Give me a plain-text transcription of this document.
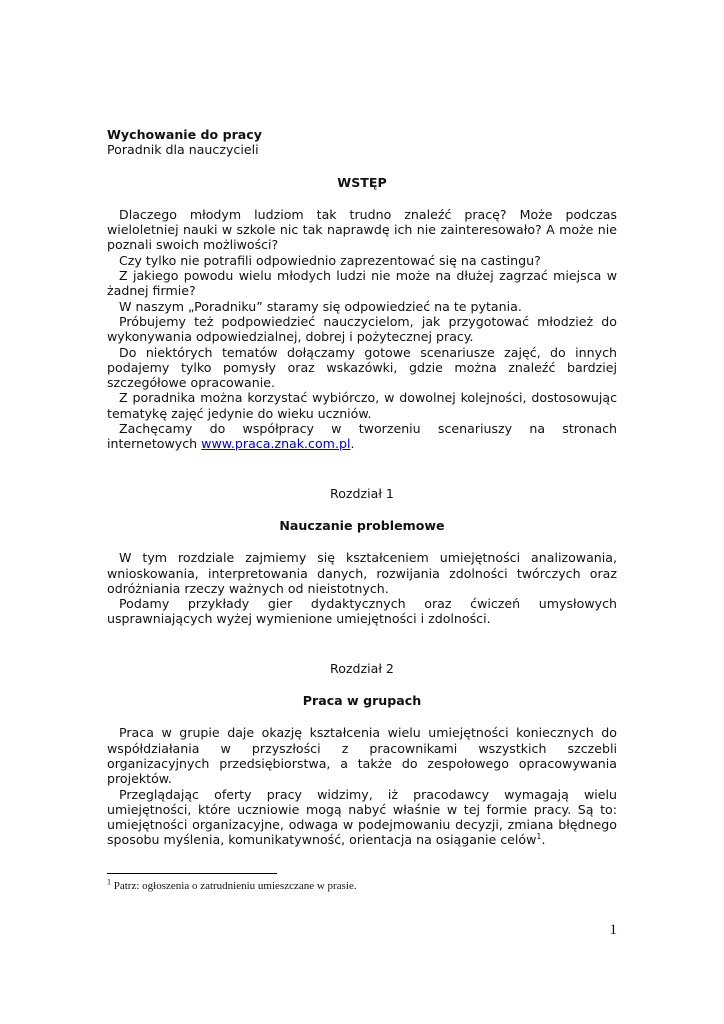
Wychowanie do pracy

Poradnik dla nauczycieli

WSTĘP

Dlaczego młodym ludziom tak trudno znaleźć pracę? Może podczas wieloletniej nauki w szkole nic tak naprawdę ich nie zainteresowało? A może nie poznali swoich możliwości?

Czy tylko nie potrafili odpowiednio zaprezentować się na castingu?

Z jakiego powodu wielu młodych ludzi nie może na dłużej zagrzać miejsca w żadnej firmie?

W naszym „Poradniku” staramy się odpowiedzieć na te pytania.

Próbujemy też podpowiedzieć nauczycielom, jak przygotować młodzież do wykonywania odpowiedzialnej, dobrej i pożytecznej pracy.

Do niektórych tematów dołączamy gotowe scenariusze zajęć, do innych podajemy tylko pomysły oraz wskazówki, gdzie można znaleźć bardziej szczegółowe opracowanie.

Z poradnika można korzystać wybiórczo, w dowolnej kolejności, dostosowując tematykę zajęć jedynie do wieku uczniów.

Zachęcamy do współpracy w tworzeniu scenariuszy na stronach internetowych www.praca.znak.com.pl.

Rozdział 1

Nauczanie problemowe

W tym rozdziale zajmiemy się kształceniem umiejętności analizowania, wnioskowania, interpretowania danych, rozwijania zdolności twórczych oraz odróżniania rzeczy ważnych od nieistotnych.

Podamy przykłady gier dydaktycznych oraz ćwiczeń umysłowych usprawniających wyżej wymienione umiejętności i zdolności.

Rozdział 2

Praca w grupach

Praca w grupie daje okazję kształcenia wielu umiejętności koniecznych do współdziałania w przyszłości z pracownikami wszystkich szczebli organizacyjnych przedsiębiorstwa, a także do zespołowego opracowywania projektów.

Przeglądając oferty pracy widzimy, iż pracodawcy wymagają wielu umiejętności, które uczniowie mogą nabyć właśnie w tej formie pracy. Są to: umiejętności organizacyjne, odwaga w podejmowaniu decyzji, zmiana błędnego sposobu myślenia, komunikatywność, orientacja na osiąganie celów$^1$.

$^1$ Patrz: ogłoszenia o zatrudnieniu umieszczane w prasie.
1
